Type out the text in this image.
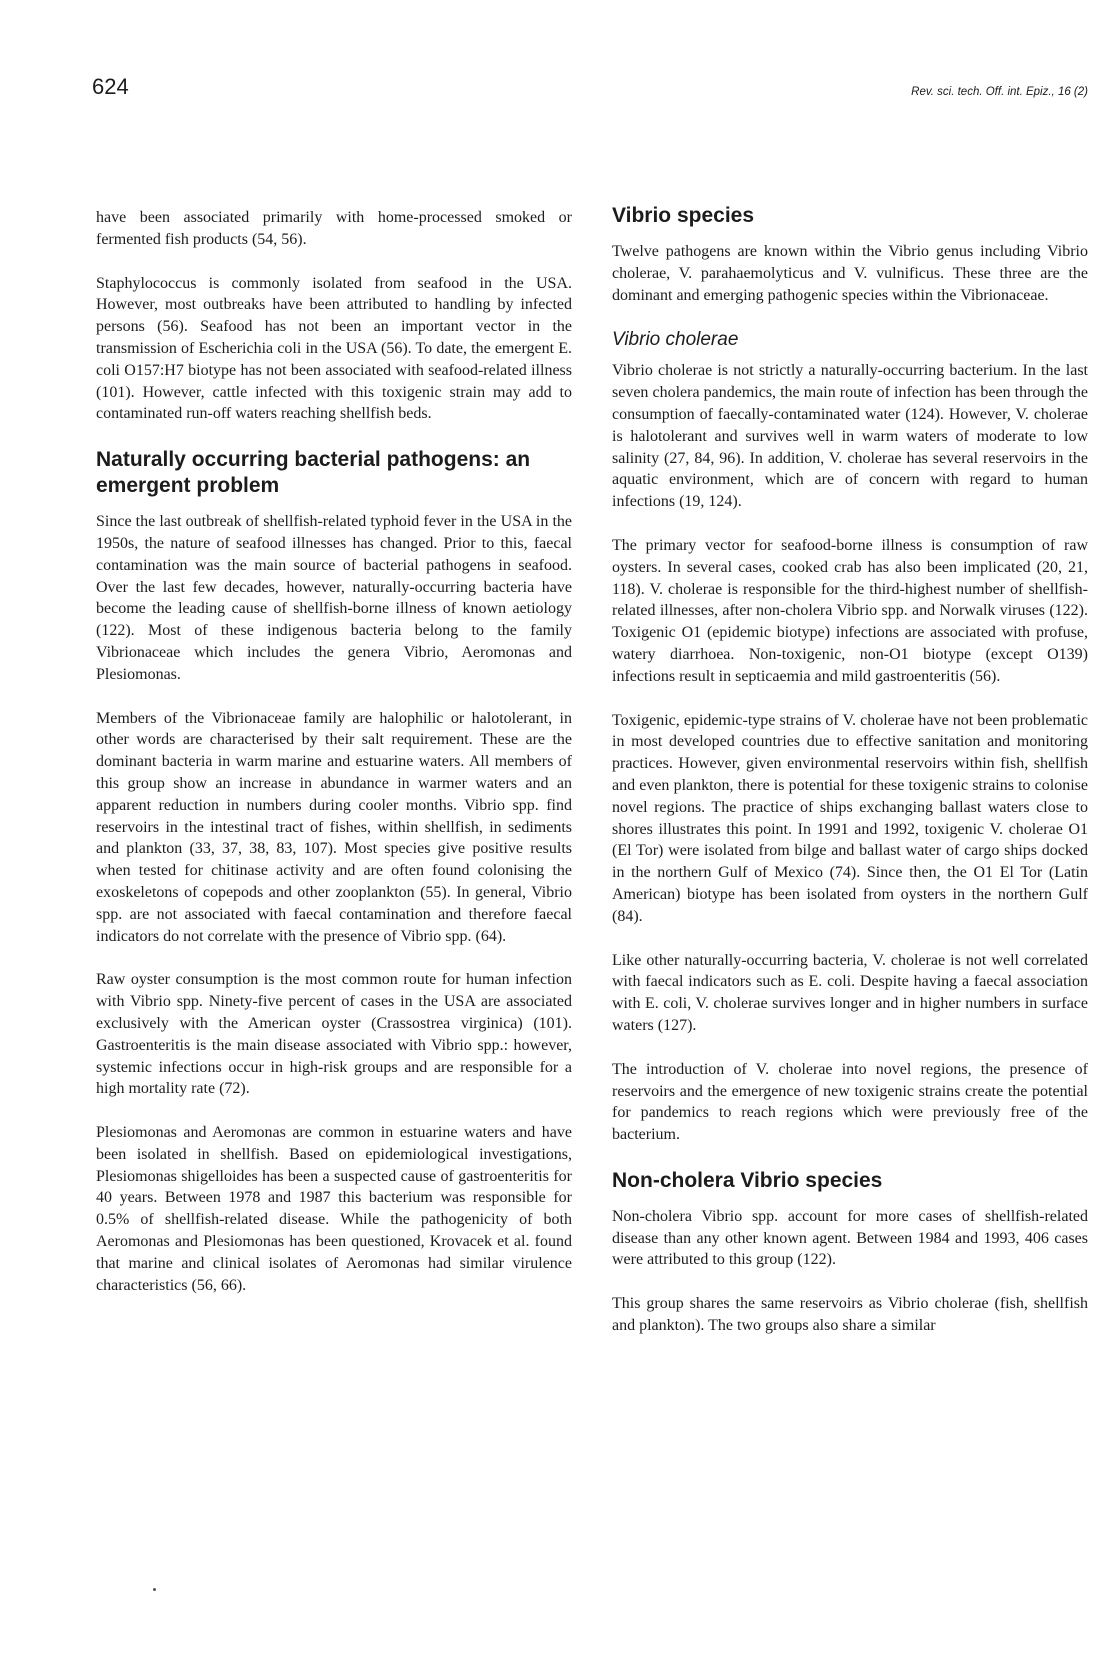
624	Rev. sci. tech. Off. int. Epiz., 16 (2)

have been associated primarily with home-processed smoked or fermented fish products (54, 56).

Staphylococcus is commonly isolated from seafood in the USA. However, most outbreaks have been attributed to handling by infected persons (56). Seafood has not been an important vector in the transmission of Escherichia coli in the USA (56). To date, the emergent E. coli O157:H7 biotype has not been associated with seafood-related illness (101). However, cattle infected with this toxigenic strain may add to contaminated run-off waters reaching shellfish beds.

Naturally occurring bacterial pathogens: an emergent problem

Since the last outbreak of shellfish-related typhoid fever in the USA in the 1950s, the nature of seafood illnesses has changed. Prior to this, faecal contamination was the main source of bacterial pathogens in seafood. Over the last few decades, however, naturally-occurring bacteria have become the leading cause of shellfish-borne illness of known aetiology (122). Most of these indigenous bacteria belong to the family Vibrionaceae which includes the genera Vibrio, Aeromonas and Plesiomonas.

Members of the Vibrionaceae family are halophilic or halotolerant, in other words are characterised by their salt requirement. These are the dominant bacteria in warm marine and estuarine waters. All members of this group show an increase in abundance in warmer waters and an apparent reduction in numbers during cooler months. Vibrio spp. find reservoirs in the intestinal tract of fishes, within shellfish, in sediments and plankton (33, 37, 38, 83, 107). Most species give positive results when tested for chitinase activity and are often found colonising the exoskeletons of copepods and other zooplankton (55). In general, Vibrio spp. are not associated with faecal contamination and therefore faecal indicators do not correlate with the presence of Vibrio spp. (64).

Raw oyster consumption is the most common route for human infection with Vibrio spp. Ninety-five percent of cases in the USA are associated exclusively with the American oyster (Crassostrea virginica) (101). Gastroenteritis is the main disease associated with Vibrio spp.: however, systemic infections occur in high-risk groups and are responsible for a high mortality rate (72).

Plesiomonas and Aeromonas are common in estuarine waters and have been isolated in shellfish. Based on epidemiological investigations, Plesiomonas shigelloides has been a suspected cause of gastroenteritis for 40 years. Between 1978 and 1987 this bacterium was responsible for 0.5% of shellfish-related disease. While the pathogenicity of both Aeromonas and Plesiomonas has been questioned, Krovacek et al. found that marine and clinical isolates of Aeromonas had similar virulence characteristics (56, 66).

Vibrio species

Twelve pathogens are known within the Vibrio genus including Vibrio cholerae, V. parahaemolyticus and V. vulnificus. These three are the dominant and emerging pathogenic species within the Vibrionaceae.

Vibrio cholerae

Vibrio cholerae is not strictly a naturally-occurring bacterium. In the last seven cholera pandemics, the main route of infection has been through the consumption of faecally-contaminated water (124). However, V. cholerae is halotolerant and survives well in warm waters of moderate to low salinity (27, 84, 96). In addition, V. cholerae has several reservoirs in the aquatic environment, which are of concern with regard to human infections (19, 124).

The primary vector for seafood-borne illness is consumption of raw oysters. In several cases, cooked crab has also been implicated (20, 21, 118). V. cholerae is responsible for the third-highest number of shellfish-related illnesses, after non-cholera Vibrio spp. and Norwalk viruses (122). Toxigenic O1 (epidemic biotype) infections are associated with profuse, watery diarrhoea. Non-toxigenic, non-O1 biotype (except O139) infections result in septicaemia and mild gastroenteritis (56).

Toxigenic, epidemic-type strains of V. cholerae have not been problematic in most developed countries due to effective sanitation and monitoring practices. However, given environmental reservoirs within fish, shellfish and even plankton, there is potential for these toxigenic strains to colonise novel regions. The practice of ships exchanging ballast waters close to shores illustrates this point. In 1991 and 1992, toxigenic V. cholerae O1 (El Tor) were isolated from bilge and ballast water of cargo ships docked in the northern Gulf of Mexico (74). Since then, the O1 El Tor (Latin American) biotype has been isolated from oysters in the northern Gulf (84).

Like other naturally-occurring bacteria, V. cholerae is not well correlated with faecal indicators such as E. coli. Despite having a faecal association with E. coli, V. cholerae survives longer and in higher numbers in surface waters (127).

The introduction of V. cholerae into novel regions, the presence of reservoirs and the emergence of new toxigenic strains create the potential for pandemics to reach regions which were previously free of the bacterium.

Non-cholera Vibrio species

Non-cholera Vibrio spp. account for more cases of shellfish-related disease than any other known agent. Between 1984 and 1993, 406 cases were attributed to this group (122).

This group shares the same reservoirs as Vibrio cholerae (fish, shellfish and plankton). The two groups also share a similar
